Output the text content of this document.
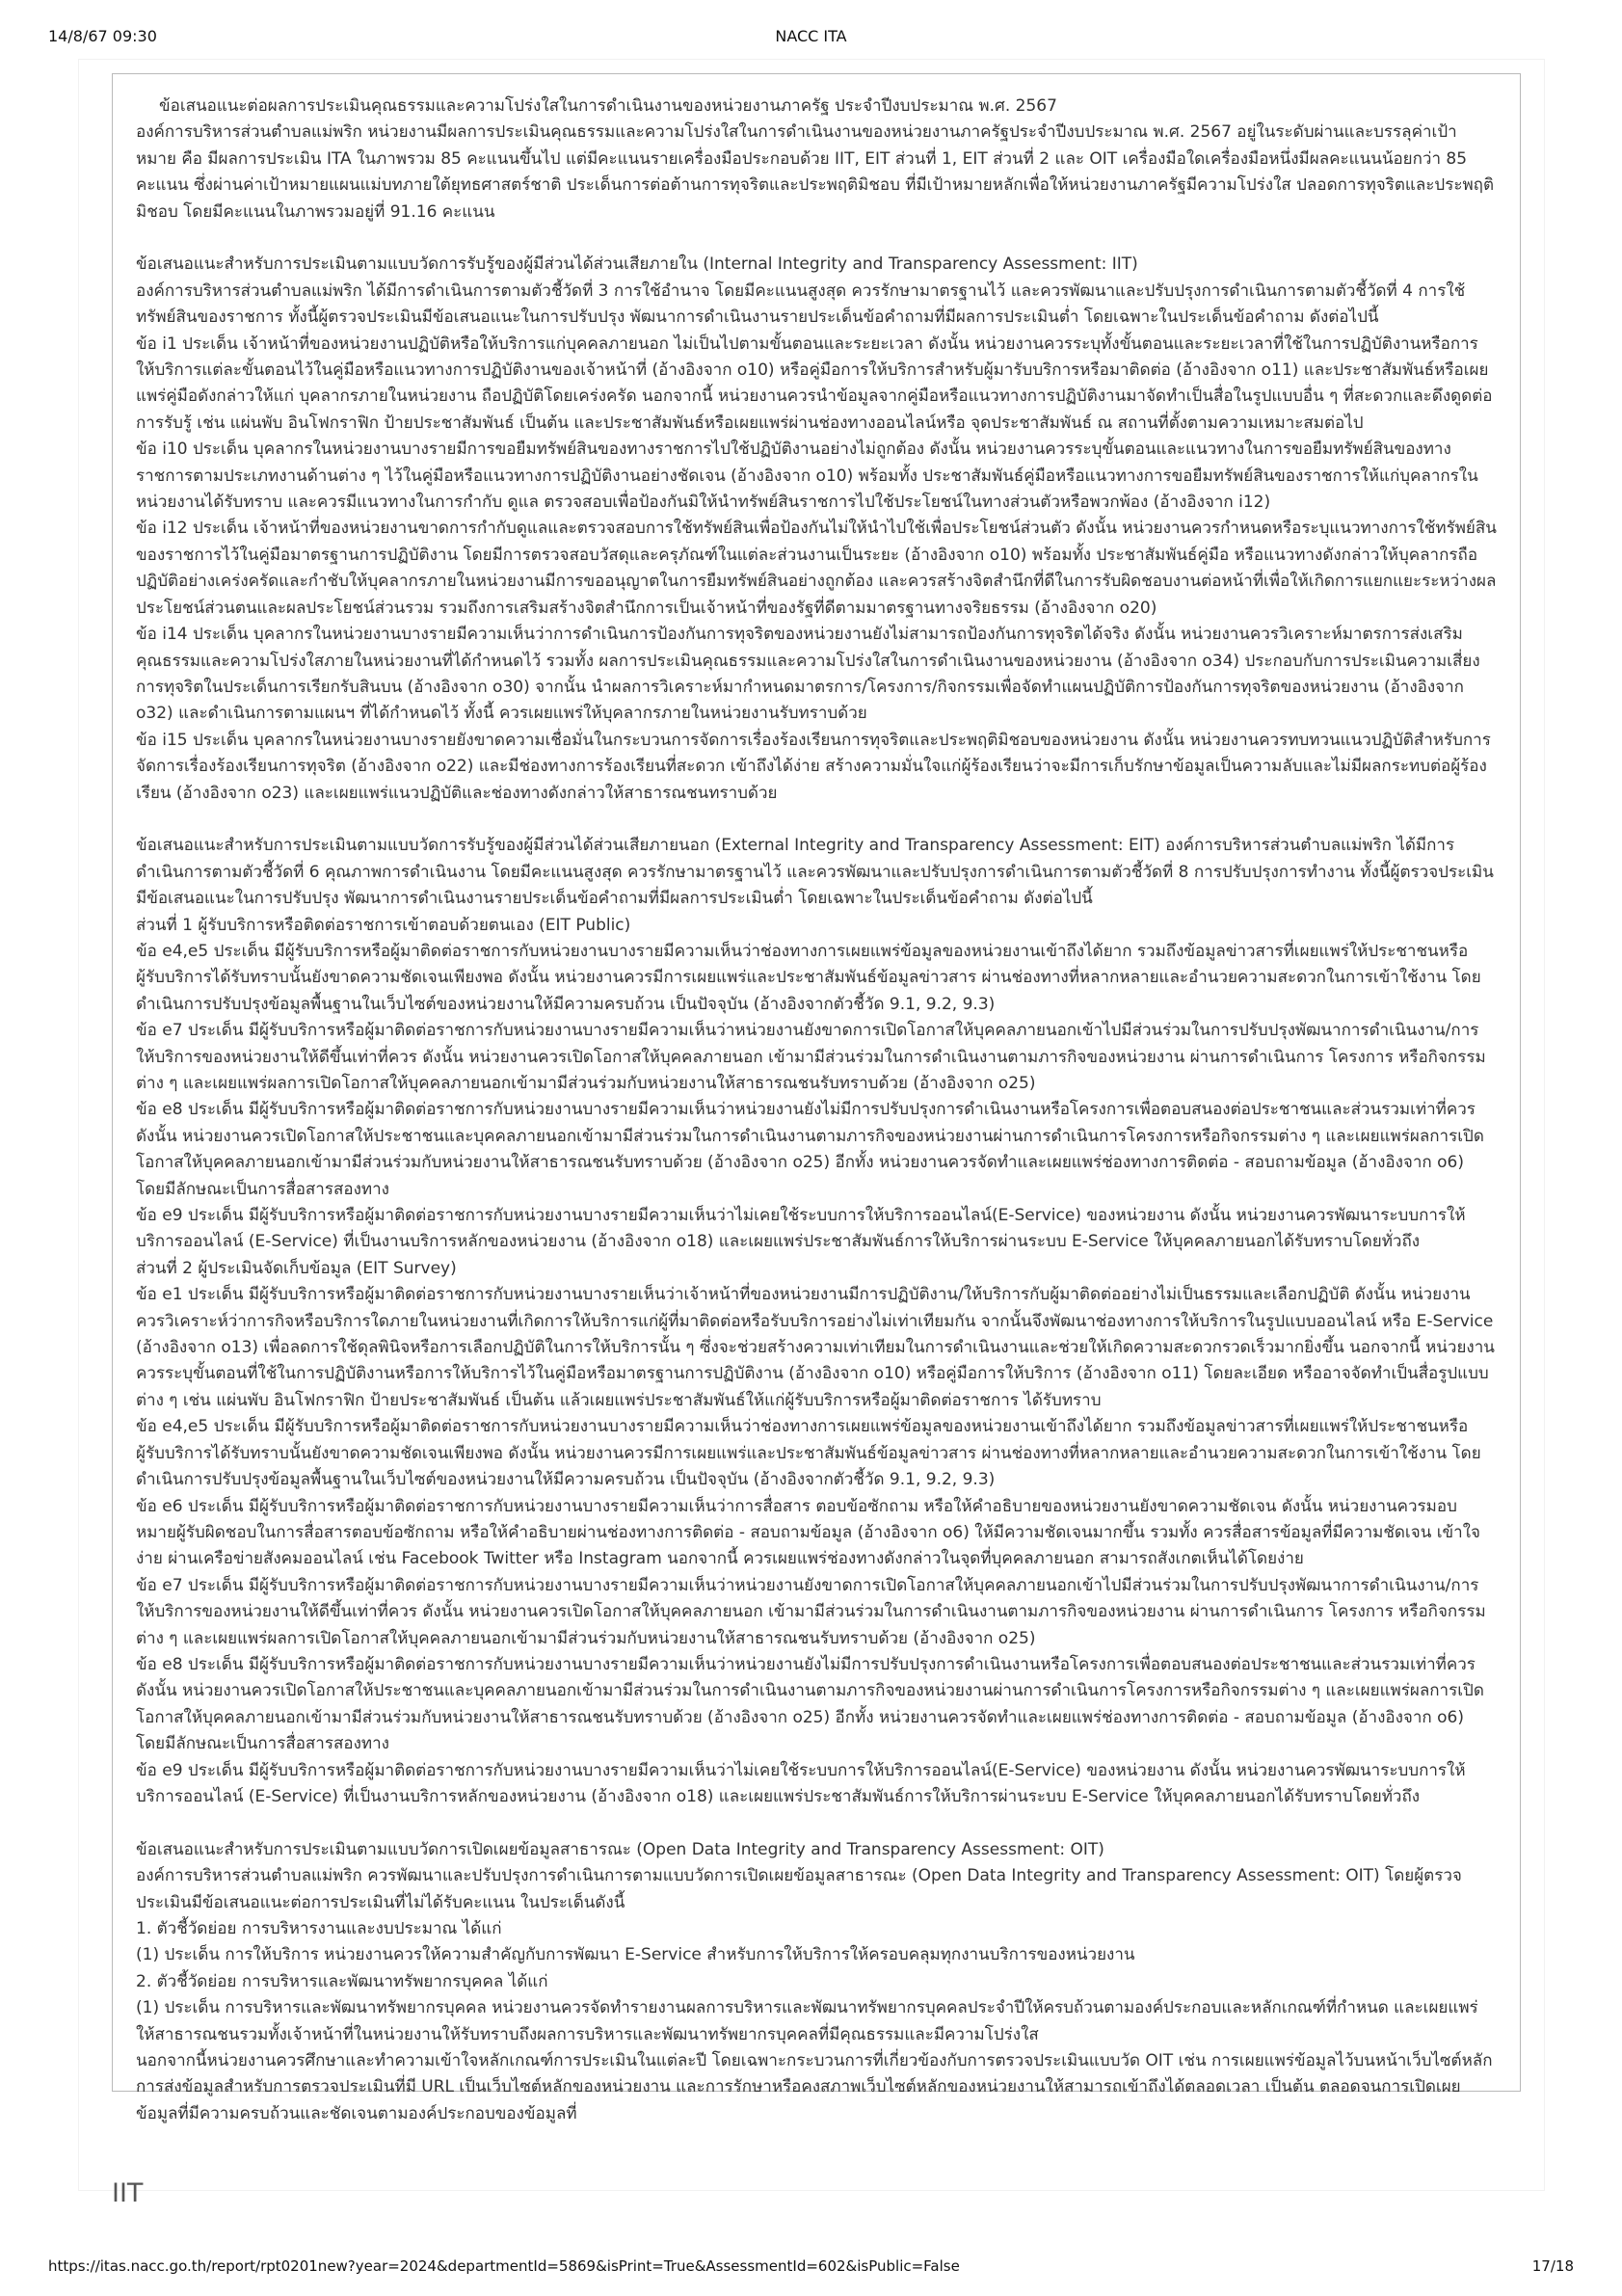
14/8/67 09:30	NACC ITA

ข้อเสนอแนะต่อผลการประเมินคุณธรรมและความโปร่งใสในการดำเนินงานของหน่วยงานภาครัฐ ประจำปีงบประมาณ พ.ศ. 2567

องค์การบริหารส่วนตำบลแม่พริก หน่วยงานมีผลการประเมินคุณธรรมและความโปร่งใสในการดำเนินงานของหน่วยงานภาครัฐประจำปีงบประมาณ พ.ศ. 2567 อยู่ในระดับผ่านและบรรลุค่าเป้าหมาย คือ มีผลการประเมิน ITA ในภาพรวม 85 คะแนนขึ้นไป แต่มีคะแนนรายเครื่องมือประกอบด้วย IIT, EIT ส่วนที่ 1, EIT ส่วนที่ 2 และ OIT เครื่องมือใดเครื่องมือหนึ่งมีผลคะแนนน้อยกว่า 85 คะแนน ซึ่งผ่านค่าเป้าหมายแผนแม่บทภายใต้ยุทธศาสตร์ชาติ ประเด็นการต่อต้านการทุจริตและประพฤติมิชอบ ที่มีเป้าหมายหลักเพื่อให้หน่วยงานภาครัฐมีความโปร่งใส ปลอดการทุจริตและประพฤติมิชอบ โดยมีคะแนนในภาพรวมอยู่ที่ 91.16 คะแนน

ข้อเสนอแนะสำหรับการประเมินตามแบบวัดการรับรู้ของผู้มีส่วนได้ส่วนเสียภายใน (Internal Integrity and Transparency Assessment: IIT)

องค์การบริหารส่วนตำบลแม่พริก ได้มีการดำเนินการตามตัวชี้วัดที่ 3 การใช้อำนาจ โดยมีคะแนนสูงสุด ควรรักษามาตรฐานไว้ และควรพัฒนาและปรับปรุงการดำเนินการตามตัวชี้วัดที่ 4 การใช้ทรัพย์สินของราชการ ทั้งนี้ผู้ตรวจประเมินมีข้อเสนอแนะในการปรับปรุง พัฒนาการดำเนินงานรายประเด็นข้อคำถามที่มีผลการประเมินต่ำ โดยเฉพาะในประเด็นข้อคำถาม ดังต่อไปนี้

ข้อ i1 ประเด็น เจ้าหน้าที่ของหน่วยงานปฏิบัติหรือให้บริการแก่บุคคลภายนอก ไม่เป็นไปตามขั้นตอนและระยะเวลา ดังนั้น หน่วยงานควรระบุทั้งขั้นตอนและระยะเวลาที่ใช้ในการปฏิบัติงานหรือการให้บริการแต่ละขั้นตอนไว้ในคู่มือหรือแนวทางการปฏิบัติงานของเจ้าหน้าที่ (อ้างอิงจาก o10) หรือคู่มือการให้บริการสำหรับผู้มารับบริการหรือมาติดต่อ (อ้างอิงจาก o11) และประชาสัมพันธ์หรือเผยแพร่คู่มือดังกล่าวให้แก่ บุคลากรภายในหน่วยงาน ถือปฏิบัติโดยเคร่งครัด นอกจากนี้ หน่วยงานควรนำข้อมูลจากคู่มือหรือแนวทางการปฏิบัติงานมาจัดทำเป็นสื่อในรูปแบบอื่น ๆ ที่สะดวกและดึงดูดต่อการรับรู้ เช่น แผ่นพับ อินโฟกราฟิก ป้ายประชาสัมพันธ์ เป็นต้น และประชาสัมพันธ์หรือเผยแพร่ผ่านช่องทางออนไลน์หรือ จุดประชาสัมพันธ์ ณ สถานที่ตั้งตามความเหมาะสมต่อไป

ข้อ i10 ประเด็น บุคลากรในหน่วยงานบางรายมีการขอยืมทรัพย์สินของทางราชการไปใช้ปฏิบัติงานอย่างไม่ถูกต้อง ดังนั้น หน่วยงานควรระบุขั้นตอนและแนวทางในการขอยืมทรัพย์สินของทางราชการตามประเภทงานด้านต่าง ๆ ไว้ในคู่มือหรือแนวทางการปฏิบัติงานอย่างชัดเจน (อ้างอิงจาก o10) พร้อมทั้ง ประชาสัมพันธ์คู่มือหรือแนวทางการขอยืมทรัพย์สินของราชการให้แก่บุคลากรในหน่วยงานได้รับทราบ และควรมีแนวทางในการกำกับ ดูแล ตรวจสอบเพื่อป้องกันมิให้นำทรัพย์สินราชการไปใช้ประโยชน์ในทางส่วนตัวหรือพวกพ้อง (อ้างอิงจาก i12)

ข้อ i12 ประเด็น เจ้าหน้าที่ของหน่วยงานขาดการกำกับดูแลและตรวจสอบการใช้ทรัพย์สินเพื่อป้องกันไม่ให้นำไปใช้เพื่อประโยชน์ส่วนตัว ดังนั้น หน่วยงานควรกำหนดหรือระบุแนวทางการใช้ทรัพย์สินของราชการไว้ในคู่มือมาตรฐานการปฏิบัติงาน โดยมีการตรวจสอบวัสดุและครุภัณฑ์ในแต่ละส่วนงานเป็นระยะ (อ้างอิงจาก o10) พร้อมทั้ง ประชาสัมพันธ์คู่มือ หรือแนวทางดังกล่าวให้บุคลากรถือปฏิบัติอย่างเคร่งครัดและกำชับให้บุคลากรภายในหน่วยงานมีการขออนุญาตในการยืมทรัพย์สินอย่างถูกต้อง และควรสร้างจิตสำนึกที่ดีในการรับผิดชอบงานต่อหน้าที่เพื่อให้เกิดการแยกแยะระหว่างผลประโยชน์ส่วนตนและผลประโยชน์ส่วนรวม รวมถึงการเสริมสร้างจิตสำนึกการเป็นเจ้าหน้าที่ของรัฐที่ดีตามมาตรฐานทางจริยธรรม (อ้างอิงจาก o20)

ข้อ i14 ประเด็น บุคลากรในหน่วยงานบางรายมีความเห็นว่าการดำเนินการป้องกันการทุจริตของหน่วยงานยังไม่สามารถป้องกันการทุจริตได้จริง ดังนั้น หน่วยงานควรวิเคราะห์มาตรการส่งเสริมคุณธรรมและความโปร่งใสภายในหน่วยงานที่ได้กำหนดไว้ รวมทั้ง ผลการประเมินคุณธรรมและความโปร่งใสในการดำเนินงานของหน่วยงาน (อ้างอิงจาก o34) ประกอบกับการประเมินความเสี่ยงการทุจริตในประเด็นการเรียกรับสินบน (อ้างอิงจาก o30) จากนั้น นำผลการวิเคราะห์มากำหนดมาตรการ/โครงการ/กิจกรรมเพื่อจัดทำแผนปฏิบัติการป้องกันการทุจริตของหน่วยงาน (อ้างอิงจาก o32) และดำเนินการตามแผนฯ ที่ได้กำหนดไว้ ทั้งนี้ ควรเผยแพร่ให้บุคลากรภายในหน่วยงานรับทราบด้วย

ข้อ i15 ประเด็น บุคลากรในหน่วยงานบางรายยังขาดความเชื่อมั่นในกระบวนการจัดการเรื่องร้องเรียนการทุจริตและประพฤติมิชอบของหน่วยงาน ดังนั้น หน่วยงานควรทบทวนแนวปฏิบัติสำหรับการจัดการเรื่องร้องเรียนการทุจริต (อ้างอิงจาก o22) และมีช่องทางการร้องเรียนที่สะดวก เข้าถึงได้ง่าย สร้างความมั่นใจแก่ผู้ร้องเรียนว่าจะมีการเก็บรักษาข้อมูลเป็นความลับและไม่มีผลกระทบต่อผู้ร้องเรียน (อ้างอิงจาก o23) และเผยแพร่แนวปฏิบัติและช่องทางดังกล่าวให้สาธารณชนทราบด้วย

ข้อเสนอแนะสำหรับการประเมินตามแบบวัดการรับรู้ของผู้มีส่วนได้ส่วนเสียภายนอก (External Integrity and Transparency Assessment: EIT) องค์การบริหารส่วนตำบลแม่พริก ได้มีการดำเนินการตามตัวชี้วัดที่ 6 คุณภาพการดำเนินงาน โดยมีคะแนนสูงสุด ควรรักษามาตรฐานไว้ และควรพัฒนาและปรับปรุงการดำเนินการตามตัวชี้วัดที่ 8 การปรับปรุงการทำงาน ทั้งนี้ผู้ตรวจประเมินมีข้อเสนอแนะในการปรับปรุง พัฒนาการดำเนินงานรายประเด็นข้อคำถามที่มีผลการประเมินต่ำ โดยเฉพาะในประเด็นข้อคำถาม ดังต่อไปนี้

ส่วนที่ 1 ผู้รับบริการหรือติดต่อราชการเข้าตอบด้วยตนเอง (EIT Public)

ข้อ e4,e5 ประเด็น มีผู้รับบริการหรือผู้มาติดต่อราชการกับหน่วยงานบางรายมีความเห็นว่าช่องทางการเผยแพร่ข้อมูลของหน่วยงานเข้าถึงได้ยาก รวมถึงข้อมูลข่าวสารที่เผยแพร่ให้ประชาชนหรือผู้รับบริการได้รับทราบนั้นยังขาดความชัดเจนเพียงพอ ดังนั้น หน่วยงานควรมีการเผยแพร่และประชาสัมพันธ์ข้อมูลข่าวสาร ผ่านช่องทางที่หลากหลายและอำนวยความสะดวกในการเข้าใช้งาน โดยดำเนินการปรับปรุงข้อมูลพื้นฐานในเว็บไซต์ของหน่วยงานให้มีความครบถ้วน เป็นปัจจุบัน (อ้างอิงจากตัวชี้วัด 9.1, 9.2, 9.3)

ข้อ e7 ประเด็น มีผู้รับบริการหรือผู้มาติดต่อราชการกับหน่วยงานบางรายมีความเห็นว่าหน่วยงานยังขาดการเปิดโอกาสให้บุคคลภายนอกเข้าไปมีส่วนร่วมในการปรับปรุงพัฒนาการดำเนินงาน/การให้บริการของหน่วยงานให้ดีขึ้นเท่าที่ควร ดังนั้น หน่วยงานควรเปิดโอกาสให้บุคคลภายนอก เข้ามามีส่วนร่วมในการดำเนินงานตามภารกิจของหน่วยงาน ผ่านการดำเนินการ โครงการ หรือกิจกรรมต่าง ๆ และเผยแพร่ผลการเปิดโอกาสให้บุคคลภายนอกเข้ามามีส่วนร่วมกับหน่วยงานให้สาธารณชนรับทราบด้วย (อ้างอิงจาก o25)

ข้อ e8 ประเด็น มีผู้รับบริการหรือผู้มาติดต่อราชการกับหน่วยงานบางรายมีความเห็นว่าหน่วยงานยังไม่มีการปรับปรุงการดำเนินงานหรือโครงการเพื่อตอบสนองต่อประชาชนและส่วนรวมเท่าที่ควร ดังนั้น หน่วยงานควรเปิดโอกาสให้ประชาชนและบุคคลภายนอกเข้ามามีส่วนร่วมในการดำเนินงานตามภารกิจของหน่วยงานผ่านการดำเนินการโครงการหรือกิจกรรมต่าง ๆ และเผยแพร่ผลการเปิดโอกาสให้บุคคลภายนอกเข้ามามีส่วนร่วมกับหน่วยงานให้สาธารณชนรับทราบด้วย (อ้างอิงจาก o25) อีกทั้ง หน่วยงานควรจัดทำและเผยแพร่ช่องทางการติดต่อ - สอบถามข้อมูล (อ้างอิงจาก o6) โดยมีลักษณะเป็นการสื่อสารสองทาง

ข้อ e9 ประเด็น มีผู้รับบริการหรือผู้มาติดต่อราชการกับหน่วยงานบางรายมีความเห็นว่าไม่เคยใช้ระบบการให้บริการออนไลน์(E-Service) ของหน่วยงาน ดังนั้น หน่วยงานควรพัฒนาระบบการให้บริการออนไลน์ (E-Service) ที่เป็นงานบริการหลักของหน่วยงาน (อ้างอิงจาก o18) และเผยแพร่ประชาสัมพันธ์การให้บริการผ่านระบบ E-Service ให้บุคคลภายนอกได้รับทราบโดยทั่วถึง

ส่วนที่ 2 ผู้ประเมินจัดเก็บข้อมูล (EIT Survey)

ข้อ e1 ประเด็น มีผู้รับบริการหรือผู้มาติดต่อราชการกับหน่วยงานบางรายเห็นว่าเจ้าหน้าที่ของหน่วยงานมีการปฏิบัติงาน/ให้บริการกับผู้มาติดต่ออย่างไม่เป็นธรรมและเลือกปฏิบัติ ดังนั้น หน่วยงานควรวิเคราะห์ว่าการกิจหรือบริการใดภายในหน่วยงานที่เกิดการให้บริการแก่ผู้ที่มาติดต่อหรือรับบริการอย่างไม่เท่าเทียมกัน จากนั้นจึงพัฒนาช่องทางการให้บริการในรูปแบบออนไลน์ หรือ E-Service (อ้างอิงจาก o13) เพื่อลดการใช้ดุลพินิจหรือการเลือกปฏิบัติในการให้บริการนั้น ๆ ซึ่งจะช่วยสร้างความเท่าเทียมในการดำเนินงานและช่วยให้เกิดความสะดวกรวดเร็วมากยิ่งขึ้น นอกจากนี้ หน่วยงานควรระบุขั้นตอนที่ใช้ในการปฏิบัติงานหรือการให้บริการไว้ในคู่มือหรือมาตรฐานการปฏิบัติงาน (อ้างอิงจาก o10) หรือคู่มือการให้บริการ (อ้างอิงจาก o11) โดยละเอียด หรืออาจจัดทำเป็นสื่อรูปแบบต่าง ๆ เช่น แผ่นพับ อินโฟกราฟิก ป้ายประชาสัมพันธ์ เป็นต้น แล้วเผยแพร่ประชาสัมพันธ์ให้แก่ผู้รับบริการหรือผู้มาติดต่อราชการ ได้รับทราบ

ข้อ e4,e5 ประเด็น มีผู้รับบริการหรือผู้มาติดต่อราชการกับหน่วยงานบางรายมีความเห็นว่าช่องทางการเผยแพร่ข้อมูลของหน่วยงานเข้าถึงได้ยาก รวมถึงข้อมูลข่าวสารที่เผยแพร่ให้ประชาชนหรือผู้รับบริการได้รับทราบนั้นยังขาดความชัดเจนเพียงพอ ดังนั้น หน่วยงานควรมีการเผยแพร่และประชาสัมพันธ์ข้อมูลข่าวสาร ผ่านช่องทางที่หลากหลายและอำนวยความสะดวกในการเข้าใช้งาน โดยดำเนินการปรับปรุงข้อมูลพื้นฐานในเว็บไซต์ของหน่วยงานให้มีความครบถ้วน เป็นปัจจุบัน (อ้างอิงจากตัวชี้วัด 9.1, 9.2, 9.3)

ข้อ e6 ประเด็น มีผู้รับบริการหรือผู้มาติดต่อราชการกับหน่วยงานบางรายมีความเห็นว่าการสื่อสาร ตอบข้อซักถาม หรือให้คำอธิบายของหน่วยงานยังขาดความชัดเจน ดังนั้น หน่วยงานควรมอบหมายผู้รับผิดชอบในการสื่อสารตอบข้อซักถาม หรือให้คำอธิบายผ่านช่องทางการติดต่อ - สอบถามข้อมูล (อ้างอิงจาก o6) ให้มีความชัดเจนมากขึ้น รวมทั้ง ควรสื่อสารข้อมูลที่มีความชัดเจน เข้าใจง่าย ผ่านเครือข่ายสังคมออนไลน์ เช่น Facebook Twitter หรือ Instagram นอกจากนี้ ควรเผยแพร่ช่องทางดังกล่าวในจุดที่บุคคลภายนอก สามารถสังเกตเห็นได้โดยง่าย

ข้อ e7 ประเด็น มีผู้รับบริการหรือผู้มาติดต่อราชการกับหน่วยงานบางรายมีความเห็นว่าหน่วยงานยังขาดการเปิดโอกาสให้บุคคลภายนอกเข้าไปมีส่วนร่วมในการปรับปรุงพัฒนาการดำเนินงาน/การให้บริการของหน่วยงานให้ดีขึ้นเท่าที่ควร ดังนั้น หน่วยงานควรเปิดโอกาสให้บุคคลภายนอก เข้ามามีส่วนร่วมในการดำเนินงานตามภารกิจของหน่วยงาน ผ่านการดำเนินการ โครงการ หรือกิจกรรมต่าง ๆ และเผยแพร่ผลการเปิดโอกาสให้บุคคลภายนอกเข้ามามีส่วนร่วมกับหน่วยงานให้สาธารณชนรับทราบด้วย (อ้างอิงจาก o25)

ข้อ e8 ประเด็น มีผู้รับบริการหรือผู้มาติดต่อราชการกับหน่วยงานบางรายมีความเห็นว่าหน่วยงานยังไม่มีการปรับปรุงการดำเนินงานหรือโครงการเพื่อตอบสนองต่อประชาชนและส่วนรวมเท่าที่ควร ดังนั้น หน่วยงานควรเปิดโอกาสให้ประชาชนและบุคคลภายนอกเข้ามามีส่วนร่วมในการดำเนินงานตามภารกิจของหน่วยงานผ่านการดำเนินการโครงการหรือกิจกรรมต่าง ๆ และเผยแพร่ผลการเปิดโอกาสให้บุคคลภายนอกเข้ามามีส่วนร่วมกับหน่วยงานให้สาธารณชนรับทราบด้วย (อ้างอิงจาก o25) อีกทั้ง หน่วยงานควรจัดทำและเผยแพร่ช่องทางการติดต่อ - สอบถามข้อมูล (อ้างอิงจาก o6) โดยมีลักษณะเป็นการสื่อสารสองทาง

ข้อ e9 ประเด็น มีผู้รับบริการหรือผู้มาติดต่อราชการกับหน่วยงานบางรายมีความเห็นว่าไม่เคยใช้ระบบการให้บริการออนไลน์(E-Service) ของหน่วยงาน ดังนั้น หน่วยงานควรพัฒนาระบบการให้บริการออนไลน์ (E-Service) ที่เป็นงานบริการหลักของหน่วยงาน (อ้างอิงจาก o18) และเผยแพร่ประชาสัมพันธ์การให้บริการผ่านระบบ E-Service ให้บุคคลภายนอกได้รับทราบโดยทั่วถึง

ข้อเสนอแนะสำหรับการประเมินตามแบบวัดการเปิดเผยข้อมูลสาธารณะ (Open Data Integrity and Transparency Assessment: OIT)

องค์การบริหารส่วนตำบลแม่พริก ควรพัฒนาและปรับปรุงการดำเนินการตามแบบวัดการเปิดเผยข้อมูลสาธารณะ (Open Data Integrity and Transparency Assessment: OIT) โดยผู้ตรวจประเมินมีข้อเสนอแนะต่อการประเมินที่ไม่ได้รับคะแนน ในประเด็นดังนี้

1. ตัวชี้วัดย่อย การบริหารงานและงบประมาณ ได้แก่

(1) ประเด็น การให้บริการ หน่วยงานควรให้ความสำคัญกับการพัฒนา E-Service สำหรับการให้บริการให้ครอบคลุมทุกงานบริการของหน่วยงาน

2. ตัวชี้วัดย่อย การบริหารและพัฒนาทรัพยากรบุคคล ได้แก่

(1) ประเด็น การบริหารและพัฒนาทรัพยากรบุคคล หน่วยงานควรจัดทำรายงานผลการบริหารและพัฒนาทรัพยากรบุคคลประจำปีให้ครบถ้วนตามองค์ประกอบและหลักเกณฑ์ที่กำหนด และเผยแพร่ให้สาธารณชนรวมทั้งเจ้าหน้าที่ในหน่วยงานให้รับทราบถึงผลการบริหารและพัฒนาทรัพยากรบุคคลที่มีคุณธรรมและมีความโปร่งใส

นอกจากนี้หน่วยงานควรศึกษาและทำความเข้าใจหลักเกณฑ์การประเมินในแต่ละปี โดยเฉพาะกระบวนการที่เกี่ยวข้องกับการตรวจประเมินแบบวัด OIT เช่น การเผยแพร่ข้อมูลไว้บนหน้าเว็บไซต์หลัก การส่งข้อมูลสำหรับการตรวจประเมินที่มี URL เป็นเว็บไซต์หลักของหน่วยงาน และการรักษาหรือคงสภาพเว็บไซต์หลักของหน่วยงานให้สามารถเข้าถึงได้ตลอดเวลา เป็นต้น ตลอดจนการเปิดเผยข้อมูลที่มีความครบถ้วนและชัดเจนตามองค์ประกอบของข้อมูลที่

IIT
https://itas.nacc.go.th/report/rpt0201new?year=2024&departmentId=5869&isPrint=True&AssessmentId=602&isPublic=False	17/18
